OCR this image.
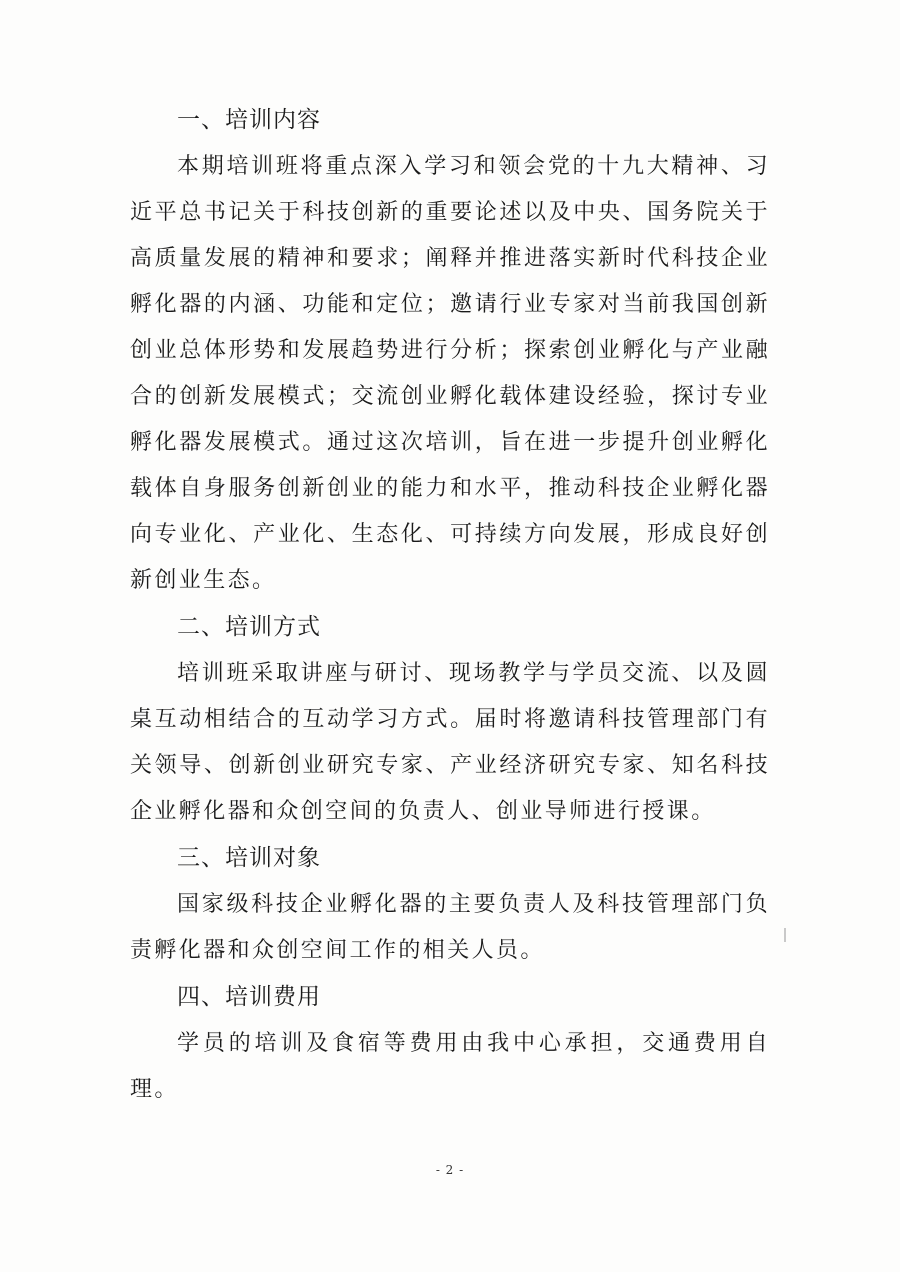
一、培训内容

本期培训班将重点深入学习和领会党的十九大精神、习近平总书记关于科技创新的重要论述以及中央、国务院关于高质量发展的精神和要求；阐释并推进落实新时代科技企业孵化器的内涵、功能和定位；邀请行业专家对当前我国创新创业总体形势和发展趋势进行分析；探索创业孵化与产业融合的创新发展模式；交流创业孵化载体建设经验，探讨专业孵化器发展模式。通过这次培训，旨在进一步提升创业孵化载体自身服务创新创业的能力和水平，推动科技企业孵化器向专业化、产业化、生态化、可持续方向发展，形成良好创新创业生态。

二、培训方式

培训班采取讲座与研讨、现场教学与学员交流、以及圆桌互动相结合的互动学习方式。届时将邀请科技管理部门有关领导、创新创业研究专家、产业经济研究专家、知名科技企业孵化器和众创空间的负责人、创业导师进行授课。

三、培训对象

国家级科技企业孵化器的主要负责人及科技管理部门负责孵化器和众创空间工作的相关人员。

四、培训费用

学员的培训及食宿等费用由我中心承担，交通费用自理。

- 2 -
